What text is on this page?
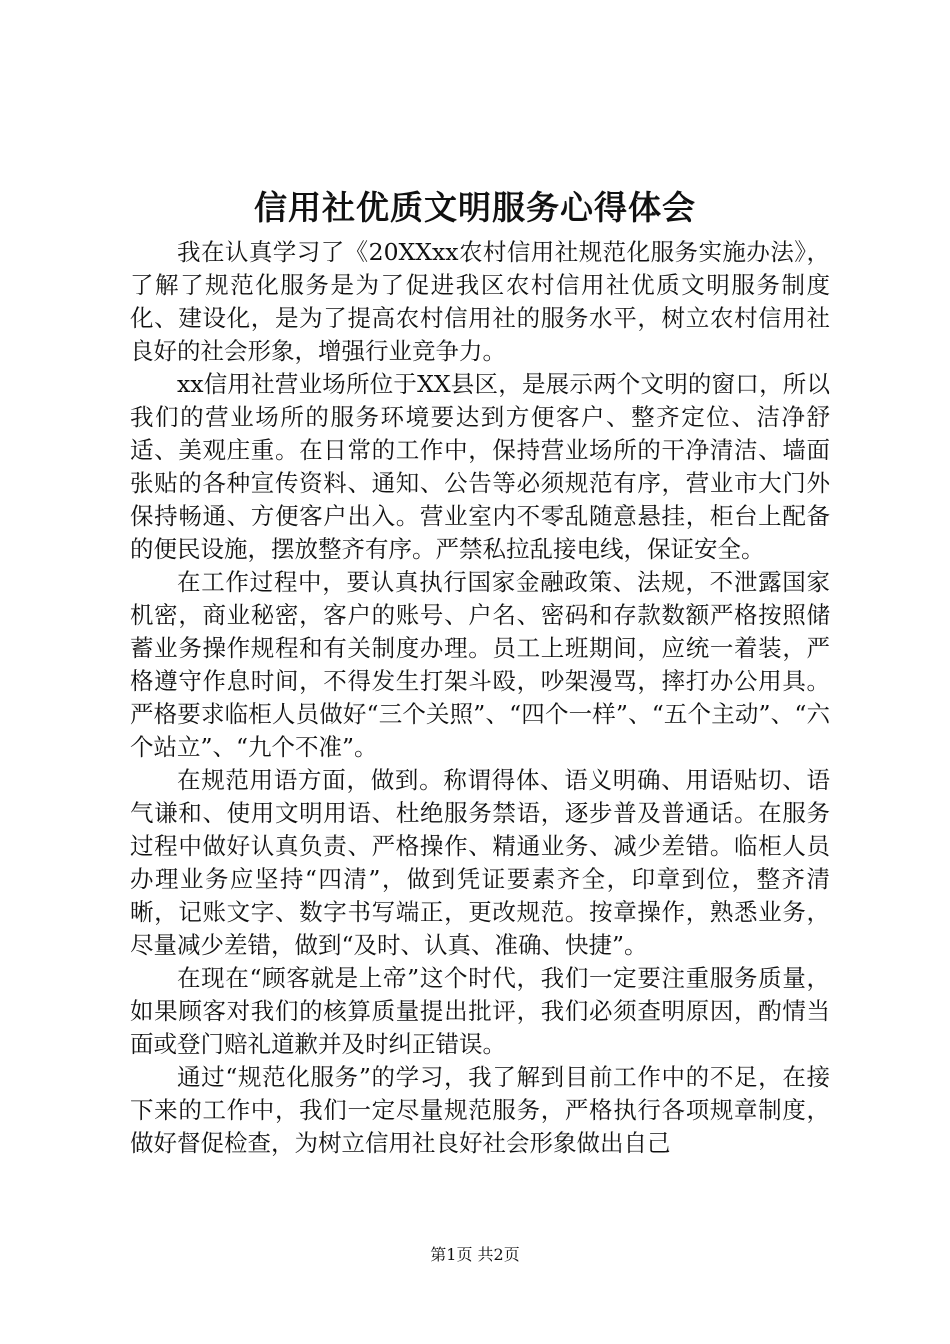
信用社优质文明服务心得体会

我在认真学习了《20XXxx农村信用社规范化服务实施办法》，了解了规范化服务是为了促进我区农村信用社优质文明服务制度化、建设化，是为了提高农村信用社的服务水平，树立农村信用社良好的社会形象，增强行业竞争力。

xx信用社营业场所位于XX县区，是展示两个文明的窗口，所以我们的营业场所的服务环境要达到方便客户、整齐定位、洁净舒适、美观庄重。在日常的工作中，保持营业场所的干净清洁、墙面张贴的各种宣传资料、通知、公告等必须规范有序，营业市大门外保持畅通、方便客户出入。营业室内不零乱随意悬挂，柜台上配备的便民设施，摆放整齐有序。严禁私拉乱接电线，保证安全。

在工作过程中，要认真执行国家金融政策、法规，不泄露国家机密，商业秘密，客户的账号、户名、密码和存款数额严格按照储蓄业务操作规程和有关制度办理。员工上班期间，应统一着装，严格遵守作息时间，不得发生打架斗殴，吵架漫骂，摔打办公用具。严格要求临柜人员做好“三个关照”、“四个一样”、“五个主动”、“六个站立”、“九个不准”。

在规范用语方面，做到。称谓得体、语义明确、用语贴切、语气谦和、使用文明用语、杜绝服务禁语，逐步普及普通话。在服务过程中做好认真负责、严格操作、精通业务、减少差错。临柜人员办理业务应坚持“四清”，做到凭证要素齐全，印章到位，整齐清晰，记账文字、数字书写端正，更改规范。按章操作，熟悉业务，尽量减少差错，做到“及时、认真、准确、快捷”。

在现在“顾客就是上帝”这个时代，我们一定要注重服务质量，如果顾客对我们的核算质量提出批评，我们必须查明原因，酌情当面或登门赔礼道歉并及时纠正错误。

通过“规范化服务”的学习，我了解到目前工作中的不足，在接下来的工作中，我们一定尽量规范服务，严格执行各项规章制度，做好督促检查，为树立信用社良好社会形象做出自己

第1页 共2页
